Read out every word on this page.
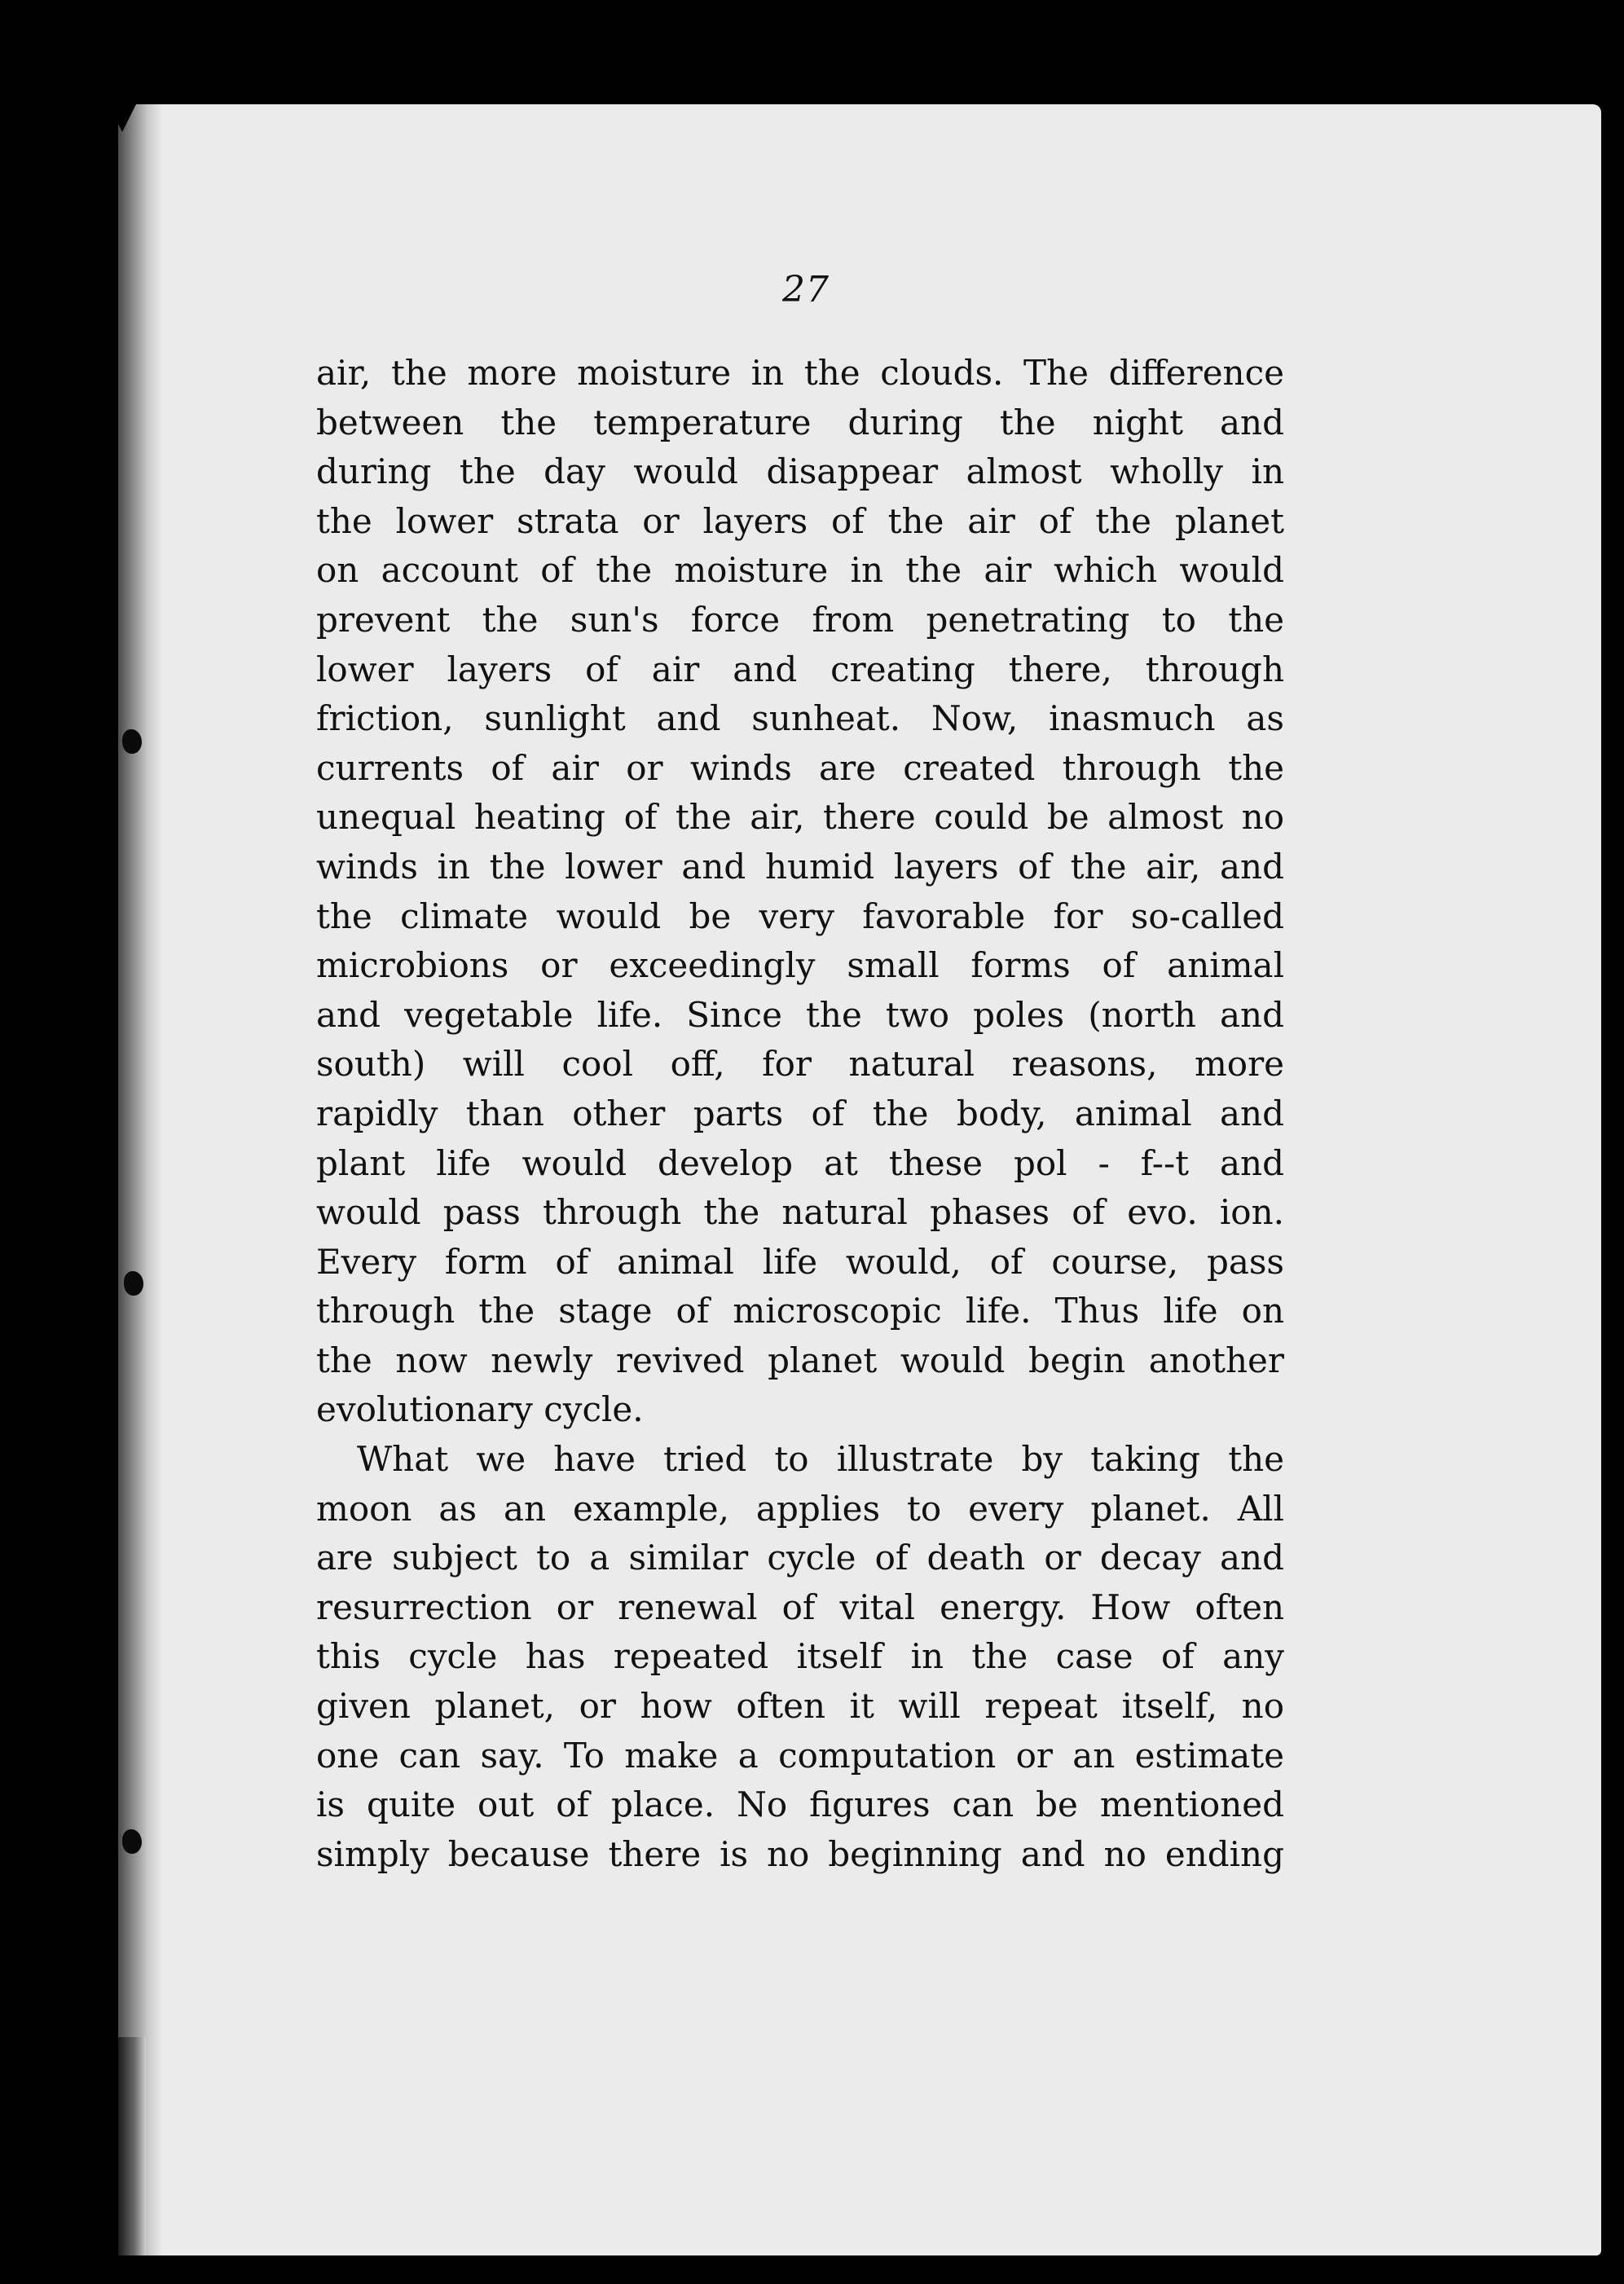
27
air, the more moisture in the clouds. The difference
between the temperature during the night and
during the day would disappear almost wholly in
the lower strata or layers of the air of the planet
on account of the moisture in the air which would
prevent the sun's force from penetrating to the
lower layers of air and creating there, through
friction, sunlight and sunheat. Now, inasmuch as
currents of air or winds are created through the
unequal heating of the air, there could be almost no
winds in the lower and humid layers of the air, and
the climate would be very favorable for so-called
microbions or exceedingly small forms of animal
and vegetable life. Since the two poles (north and
south) will cool off, for natural reasons, more
rapidly than other parts of the body, animal and
plant life would develop at these pol - f--t and
would pass through the natural phases of evo. ion.
Every form of animal life would, of course, pass
through the stage of microscopic life. Thus life on
the now newly revived planet would begin another
evolutionary cycle.
What we have tried to illustrate by taking the
moon as an example, applies to every planet. All
are subject to a similar cycle of death or decay and
resurrection or renewal of vital energy. How often
this cycle has repeated itself in the case of any
given planet, or how often it will repeat itself, no
one can say. To make a computation or an estimate
is quite out of place. No figures can be mentioned
simply because there is no beginning and no ending
